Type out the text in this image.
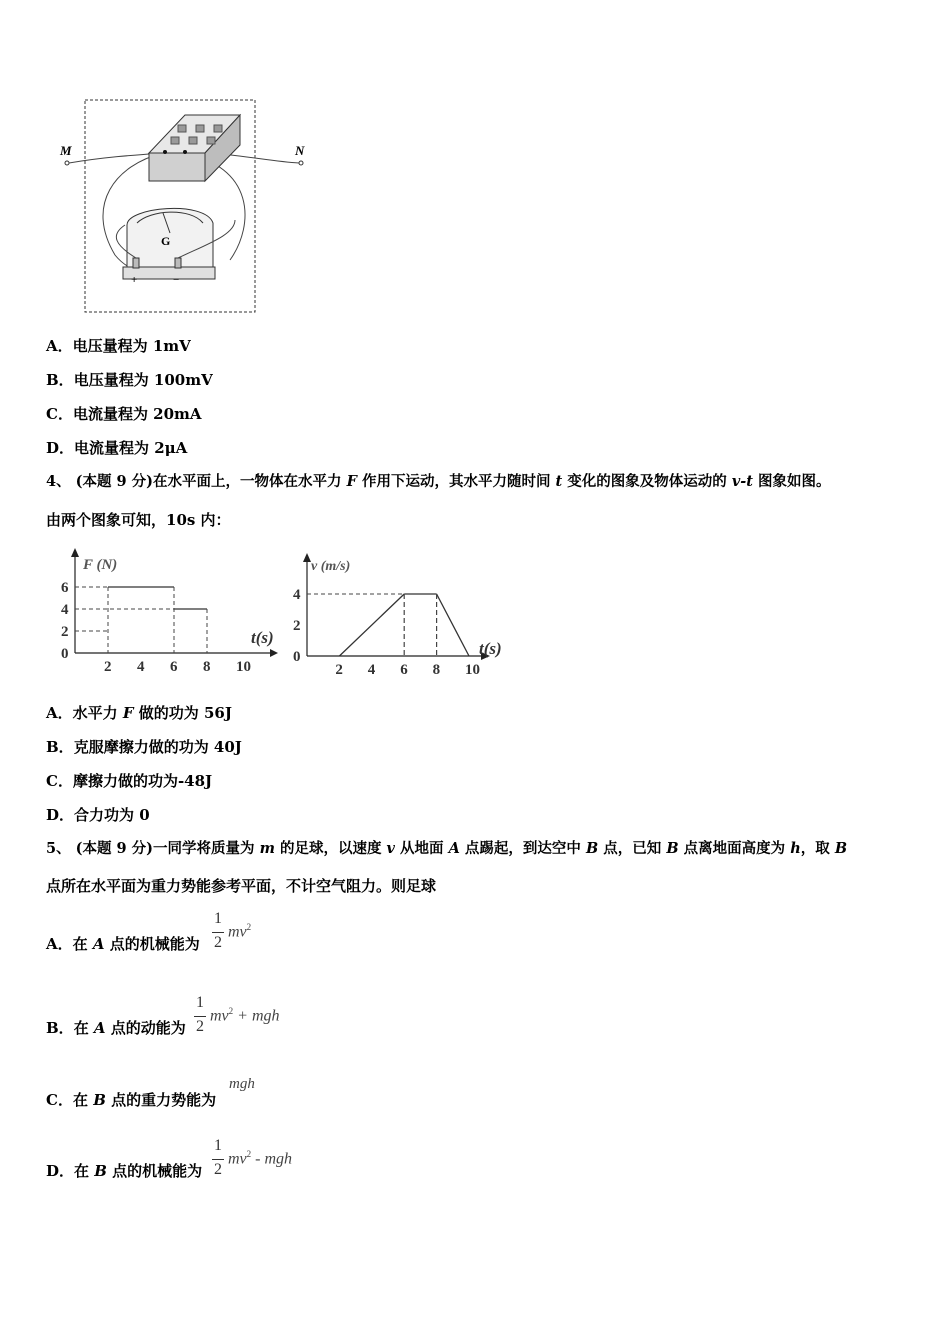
M	N
G
+	−
A．电压量程为 1mV
B．电压量程为 100mV
C．电流量程为 20mA
D．电流量程为 2μA
4、 (本题 9 分)在水平面上，一物体在水平力 F 作用下运动，其水平力随时间 t 变化的图象及物体运动的 v-t 图象如图。
由两个图象可知，10s 内：
F (N)
t(s)
2 4 6 8 10
0
2
4
6
v (m/s)
t(s)
2 4 6 8 10
0
2
4
A．水平力 F 做的功为 56J
B．克服摩擦力做的功为 40J
C．摩擦力做的功为-48J
D．合力功为 0
5、 (本题 9 分)一同学将质量为 m 的足球，以速度 v 从地面 A 点踢起，到达空中 B 点，已知 B 点离地面高度为 h，取 B
点所在水平面为重力势能参考平面，不计空气阻力。则足球
A．在 A 点的机械能为
1
2
$mv^2$
B．在 A 点的动能为
1
2
$mv^2$ + mgh
C．在 B 点的重力势能为
mgh
D．在 B 点的机械能为
1
2
$mv^2$ - mgh
